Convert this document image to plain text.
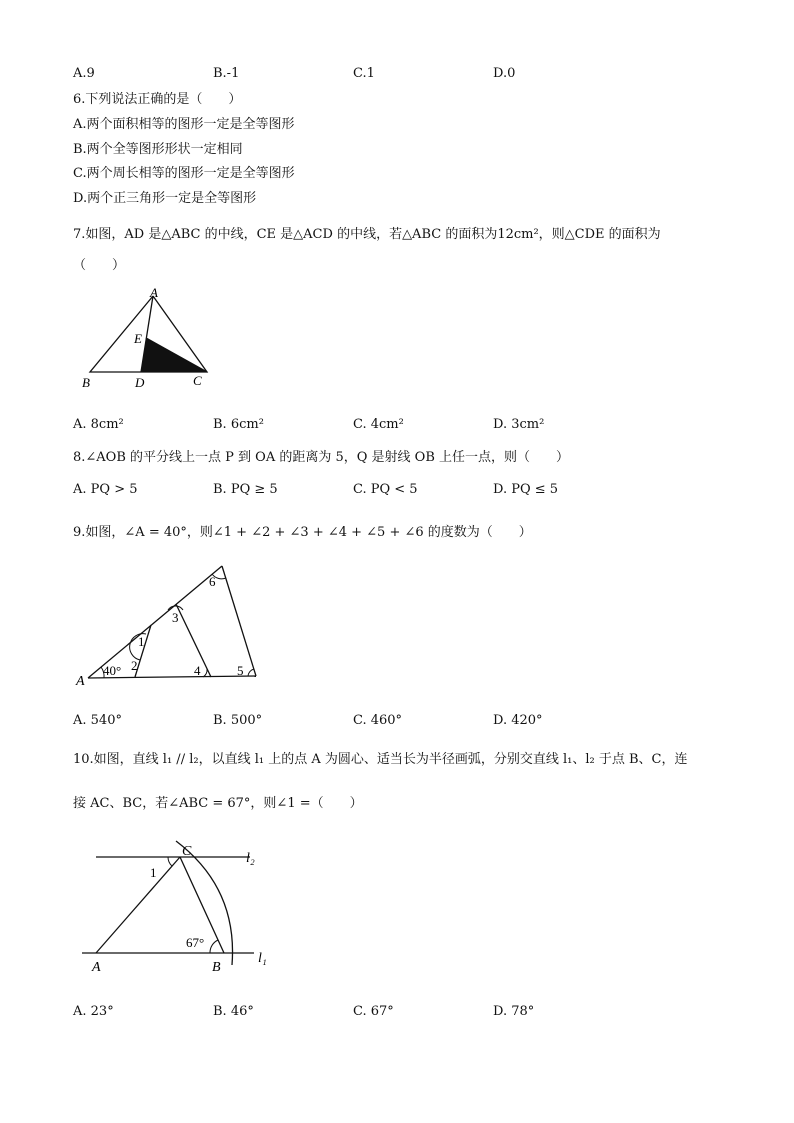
A.9	B.-1	C.1	D.0
6.下列说法正确的是（　　）
A.两个面积相等的图形一定是全等图形
B.两个全等图形形状一定相同
C.两个周长相等的图形一定是全等图形
D.两个正三角形一定是全等图形
7.如图，AD 是△ABC 的中线，CE 是△ACD 的中线，若△ABC 的面积为12cm²，则△CDE 的面积为
（　　）
A
E
B	D	C
A. 8cm²	B. 6cm²	C. 4cm²	D. 3cm²
8.∠AOB 的平分线上一点 P 到 OA 的距离为 5，Q 是射线 OB 上任一点，则（　　）
A. PQ > 5	B. PQ ≥ 5	C. PQ < 5	D. PQ ≤ 5
9.如图，∠A = 40°，则∠1 + ∠2 + ∠3 + ∠4 + ∠5 + ∠6 的度数为（　　）
A
40°
1
2
3
4	5
6
A. 540°	B. 500°	C. 460°	D. 420°
10.如图，直线 l₁ // l₂，以直线 l₁ 上的点 A 为圆心、适当长为半径画弧，分别交直线 l₁、l₂ 于点 B、C，连
接 AC、BC，若∠ABC = 67°，则∠1 =（　　）
C	l₂
1
67°
A	B
l₁
A. 23°	B. 46°	C. 67°	D. 78°
